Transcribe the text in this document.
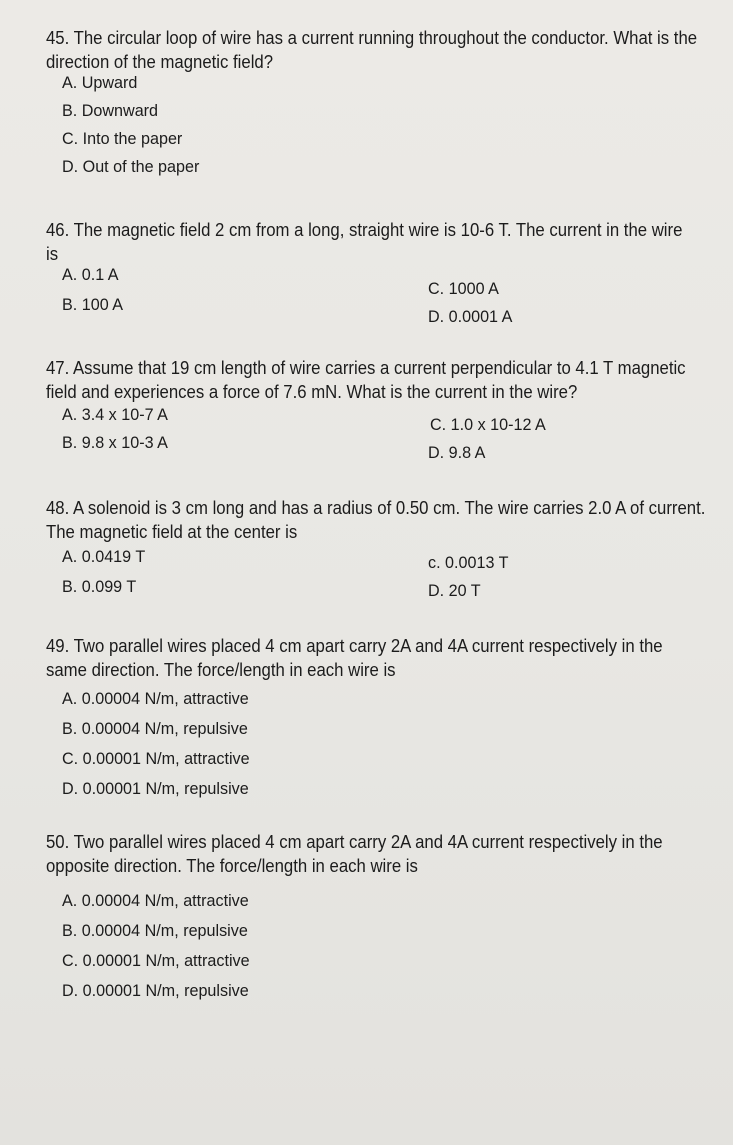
45. The circular loop of wire has a current running throughout the conductor. What is the
direction of the magnetic field?
A. Upward
B. Downward
C. Into the paper
D. Out of the paper
46. The magnetic field 2 cm from a long, straight wire is 10-6 T. The current in the wire
is
A. 0.1 A
C. 1000 A
B. 100 A
D. 0.0001 A
47. Assume that 19 cm length of wire carries a current perpendicular to 4.1 T magnetic
field and experiences a force of 7.6 mN. What is the current in the wire?
A. 3.4 x 10-7 A
C. 1.0 x 10-12 A
B. 9.8 x 10-3 A
D. 9.8 A
48. A solenoid is 3 cm long and has a radius of 0.50 cm. The wire carries 2.0 A of current.
The magnetic field at the center is
A. 0.0419 T	c. 0.0013 T
B. 0.099 T	D. 20 T
49. Two parallel wires placed 4 cm apart carry 2A and 4A current respectively in the
same direction. The force/length in each wire is
A. 0.00004 N/m, attractive
B. 0.00004 N/m, repulsive
C. 0.00001 N/m, attractive
D. 0.00001 N/m, repulsive
50. Two parallel wires placed 4 cm apart carry 2A and 4A current respectively in the
opposite direction. The force/length in each wire is
A. 0.00004 N/m, attractive
B. 0.00004 N/m, repulsive
C. 0.00001 N/m, attractive
D. 0.00001 N/m, repulsive
